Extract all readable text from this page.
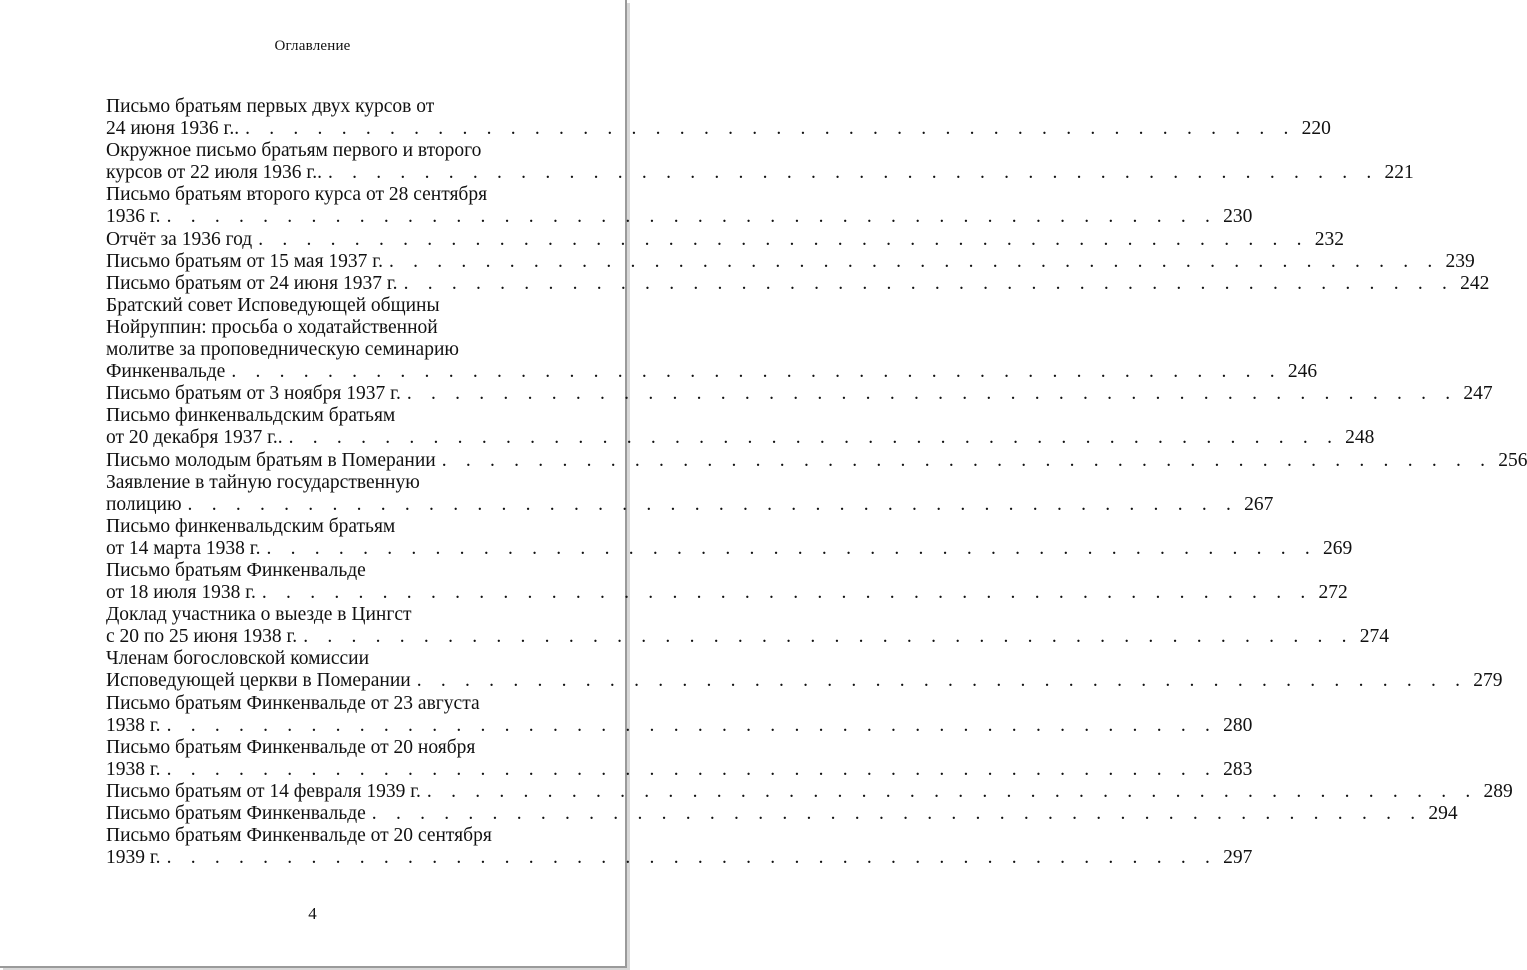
Оглавление
Письмо братьям первых двух курсов от
24 июня 1936 г.. . . . . . . . . . . . . . . . . . . . . . . . . . . . . . . . . . . . . . . . . . . . . 220
Окружное письмо братьям первого и второго
курсов от 22 июля 1936 г.. . . . . . . . . . . . . . . . . . . . . . . . . . . . . . . . . . . . . . . . . . . . . 221
Письмо братьям второго курса от 28 сентября
1936 г. . . . . . . . . . . . . . . . . . . . . . . . . . . . . . . . . . . . . . . . . . . . . 230
Отчёт за 1936 год . . . . . . . . . . . . . . . . . . . . . . . . . . . . . . . . . . . . . . . . . . . . 232
Письмо братьям от 15 мая 1937 г. . . . . . . . . . . . . . . . . . . . . . . . . . . . . . . . . . . . . . . . . . . . . 239
Письмо братьям от 24 июня 1937 г. . . . . . . . . . . . . . . . . . . . . . . . . . . . . . . . . . . . . . . . . . . . . 242
Братский совет Исповедующей общины
Нойруппин: просьба о ходатайственной
молитве за проповедническую семинарию
Финкенвальде . . . . . . . . . . . . . . . . . . . . . . . . . . . . . . . . . . . . . . . . . . . . 246
Письмо братьям от 3 ноября 1937 г. . . . . . . . . . . . . . . . . . . . . . . . . . . . . . . . . . . . . . . . . . . . . 247
Письмо финкенвальдским братьям
от 20 декабря 1937 г.. . . . . . . . . . . . . . . . . . . . . . . . . . . . . . . . . . . . . . . . . . . . . 248
Письмо молодым братьям в Померании . . . . . . . . . . . . . . . . . . . . . . . . . . . . . . . . . . . . . . . . . . . . 256
Заявление в тайную государственную
полицию . . . . . . . . . . . . . . . . . . . . . . . . . . . . . . . . . . . . . . . . . . . . 267
Письмо финкенвальдским братьям
от 14 марта 1938 г. . . . . . . . . . . . . . . . . . . . . . . . . . . . . . . . . . . . . . . . . . . . . 269
Письмо братьям Финкенвальде
от 18 июля 1938 г. . . . . . . . . . . . . . . . . . . . . . . . . . . . . . . . . . . . . . . . . . . . . 272
Доклад участника о выезде в Цингст
с 20 по 25 июня 1938 г. . . . . . . . . . . . . . . . . . . . . . . . . . . . . . . . . . . . . . . . . . . . . 274
Членам богословской комиссии
Исповедующей церкви в Померании . . . . . . . . . . . . . . . . . . . . . . . . . . . . . . . . . . . . . . . . . . . . 279
Письмо братьям Финкенвальде от 23 августа
1938 г. . . . . . . . . . . . . . . . . . . . . . . . . . . . . . . . . . . . . . . . . . . . . 280
Письмо братьям Финкенвальде от 20 ноября
1938 г. . . . . . . . . . . . . . . . . . . . . . . . . . . . . . . . . . . . . . . . . . . . . 283
Письмо братьям от 14 февраля 1939 г. . . . . . . . . . . . . . . . . . . . . . . . . . . . . . . . . . . . . . . . . . . . . 289
Письмо братьям Финкенвальде . . . . . . . . . . . . . . . . . . . . . . . . . . . . . . . . . . . . . . . . . . . . 294
Письмо братьям Финкенвальде от 20 сентября
1939 г. . . . . . . . . . . . . . . . . . . . . . . . . . . . . . . . . . . . . . . . . . . . . 297
4
